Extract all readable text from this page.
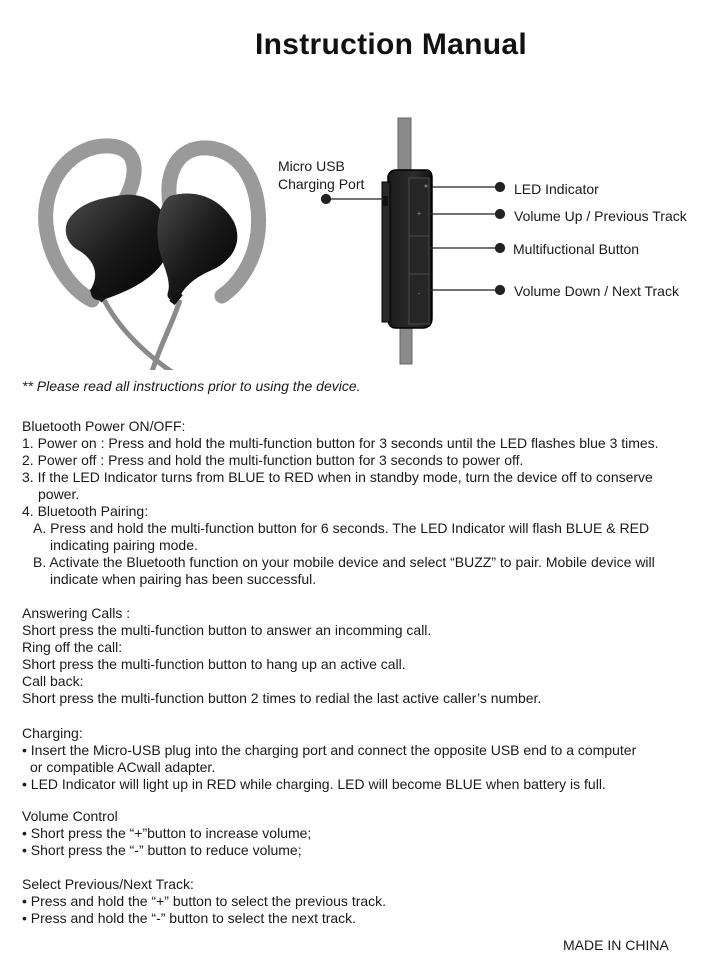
Instruction Manual
+
-
Micro USB
Charging Port	LED Indicator
Volume Up / Previous Track
Multifuctional Button
Volume Down / Next Track
** Please read all instructions prior to using the device.
Bluetooth Power ON/OFF:
1. Power on : Press and hold the multi-function button for 3 seconds until the LED flashes blue 3 times.
2. Power off : Press and hold the multi-function button for 3 seconds to power off.
3. If the LED Indicator turns from BLUE to RED when in standby mode, turn the device off to conserve
power.
4. Bluetooth Pairing:
A. Press and hold the multi-function button for 6 seconds. The LED Indicator will flash BLUE & RED
indicating pairing mode.
B. Activate the Bluetooth function on your mobile device and select “BUZZ” to pair. Mobile device will
indicate when pairing has been successful.
Answering Calls :
Short press the multi-function button to answer an incomming call.
Ring off the call:
Short press the multi-function button to hang up an active call.
Call back:
Short press the multi-function button 2 times to redial the last active caller’s number.
Charging:
• Insert the Micro-USB plug into the charging port and connect the opposite USB end to a computer
or compatible ACwall adapter.
• LED Indicator will light up in RED while charging. LED will become BLUE when battery is full.
Volume Control
• Short press the “+”button to increase volume;
• Short press the “-” button to reduce volume;
Select Previous/Next Track:
• Press and hold the “+” button to select the previous track.
• Press and hold the “-” button to select the next track.
MADE IN CHINA
